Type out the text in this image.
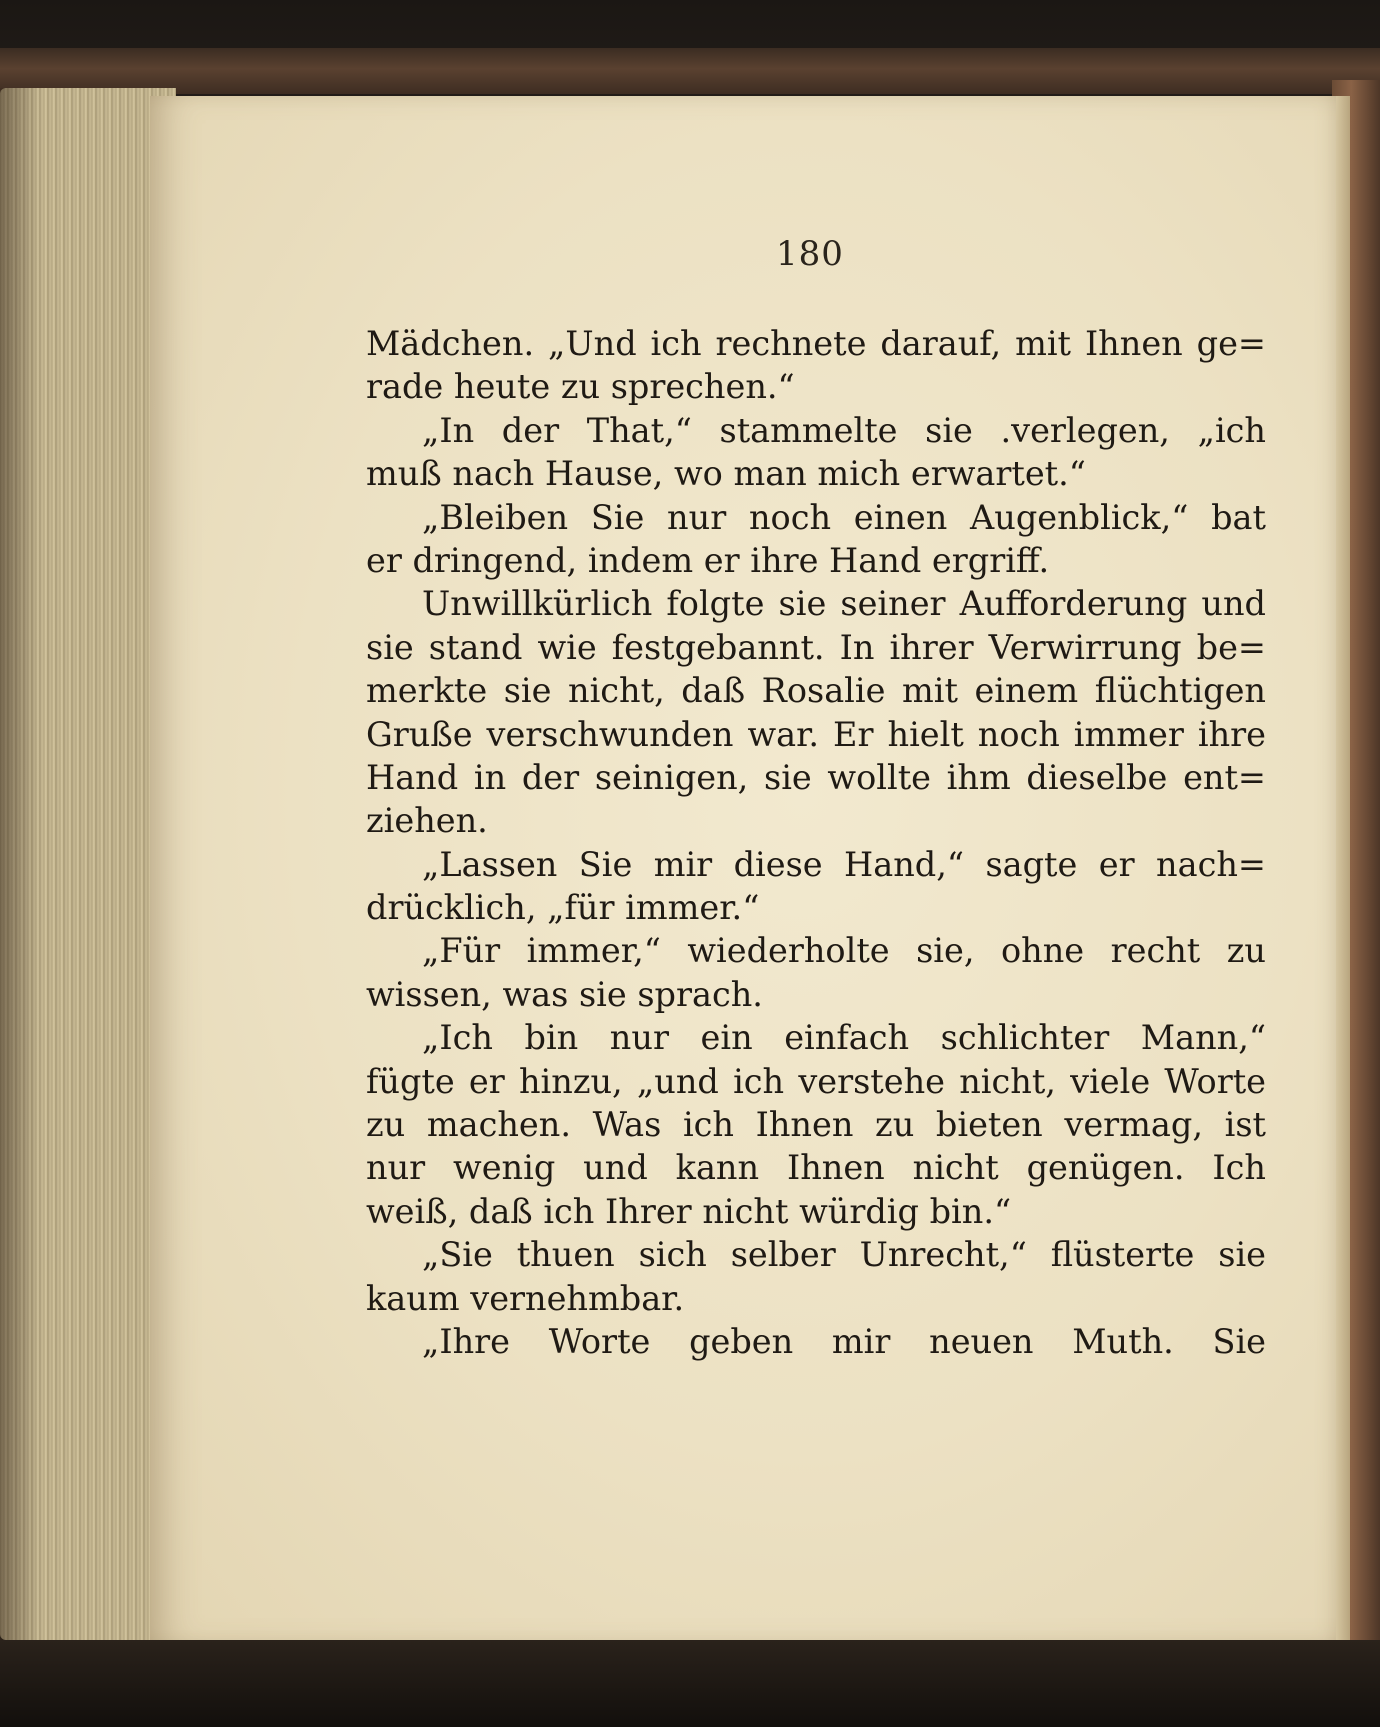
180
Mädchen. „Und ich rechnete darauf, mit Ihnen ge=
rade heute zu sprechen.“
„In der That,“ stammelte sie .verlegen, „ich
muß nach Hause, wo man mich erwartet.“
„Bleiben Sie nur noch einen Augenblick,“ bat
er dringend, indem er ihre Hand ergriff.
Unwillkürlich folgte sie seiner Aufforderung und
sie stand wie festgebannt. In ihrer Verwirrung be=
merkte sie nicht, daß Rosalie mit einem flüchtigen
Gruße verschwunden war. Er hielt noch immer ihre
Hand in der seinigen, sie wollte ihm dieselbe ent=
ziehen.
„Lassen Sie mir diese Hand,“ sagte er nach=
drücklich, „für immer.“
„Für immer,“ wiederholte sie, ohne recht zu
wissen, was sie sprach.
„Ich bin nur ein einfach schlichter Mann,“
fügte er hinzu, „und ich verstehe nicht, viele Worte
zu machen. Was ich Ihnen zu bieten vermag, ist
nur wenig und kann Ihnen nicht genügen. Ich
weiß, daß ich Ihrer nicht würdig bin.“
„Sie thuen sich selber Unrecht,“ flüsterte sie
kaum vernehmbar.
„Ihre Worte geben mir neuen Muth. Sie
